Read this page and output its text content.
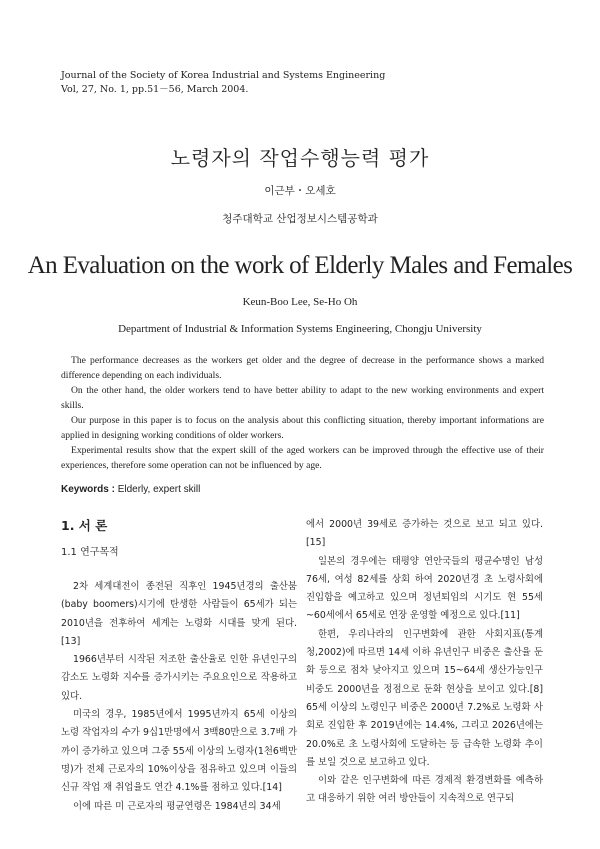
Journal of the Society of Korea Industrial and Systems Engineering
Vol, 27, No. 1, pp.51－56, March 2004.
노령자의 작업수행능력 평가
이근부・오세호
청주대학교 산업정보시스템공학과
An Evaluation on the work of Elderly Males and Females
Keun-Boo Lee, Se-Ho Oh
Department of Industrial & Information Systems Engineering, Chongju University

The performance decreases as the workers get older and the degree of decrease in the performance shows a marked difference depending on each individuals.

On the other hand, the older workers tend to have better ability to adapt to the new working environments and expert skills.

Our purpose in this paper is to focus on the analysis about this conflicting situation, thereby important informations are applied in designing working conditions of older workers.

Experimental results show that the expert skill of the aged workers can be improved through the effective use of their experiences, therefore some operation can not be influenced by age.

Keywords : Elderly, expert skill
1. 서 론
1.1 연구목적

2차 세계대전이 종전된 직후인 1945년경의 출산붐(baby boomers)시기에 탄생한 사람들이 65세가 되는 2010년을 전후하여 세계는 노령화 시대를 맞게 된다. [13]

1966년부터 시작된 저조한 출산율로 인한 유년인구의 감소도 노령화 지수를 증가시키는 주요요인으로 작용하고 있다.

미국의 경우, 1985년에서 1995년까지 65세 이상의 노령 작업자의 수가 9십1만명에서 3백80만으로 3.7배 가까이 증가하고 있으며 그중 55세 이상의 노령자(1천6백만명)가 전체 근로자의 10%이상을 점유하고 있으며 이들의 신규 작업 재 취업율도 연간 4.1%를 점하고 있다.[14]

이에 따른 미 근로자의 평균연령은 1984년의 34세

에서 2000년 39세로 증가하는 것으로 보고 되고 있다.[15]

일본의 경우에는 태평양 연안국들의 평균수명인 남성76세, 여성 82세를 상회 하여 2020년경 초 노령사회에 진입함을 예고하고 있으며 정년퇴임의 시기도 현 55세~60세에서 65세로 연장 운영할 예정으로 있다.[11]

한편, 우리나라의 인구변화에 관한 사회지표(통계청,2002)에 따르면 14세 이하 유년인구 비중은 출산율 둔화 등으로 점차 낮아지고 있으며 15~64세 생산가능인구비중도 2000년을 정점으로 둔화 현상을 보이고 있다.[8] 65세 이상의 노령인구 비중은 2000년 7.2%로 노령화 사회로 진입한 후 2019년에는 14.4%, 그리고 2026년에는 20.0%로 초 노령사회에 도달하는 등 급속한 노령화 추이를 보일 것으로 보고하고 있다.

이와 같은 인구변화에 따른 경제적 환경변화를 예측하고 대응하기 위한 여러 방안들이 지속적으로 연구되
